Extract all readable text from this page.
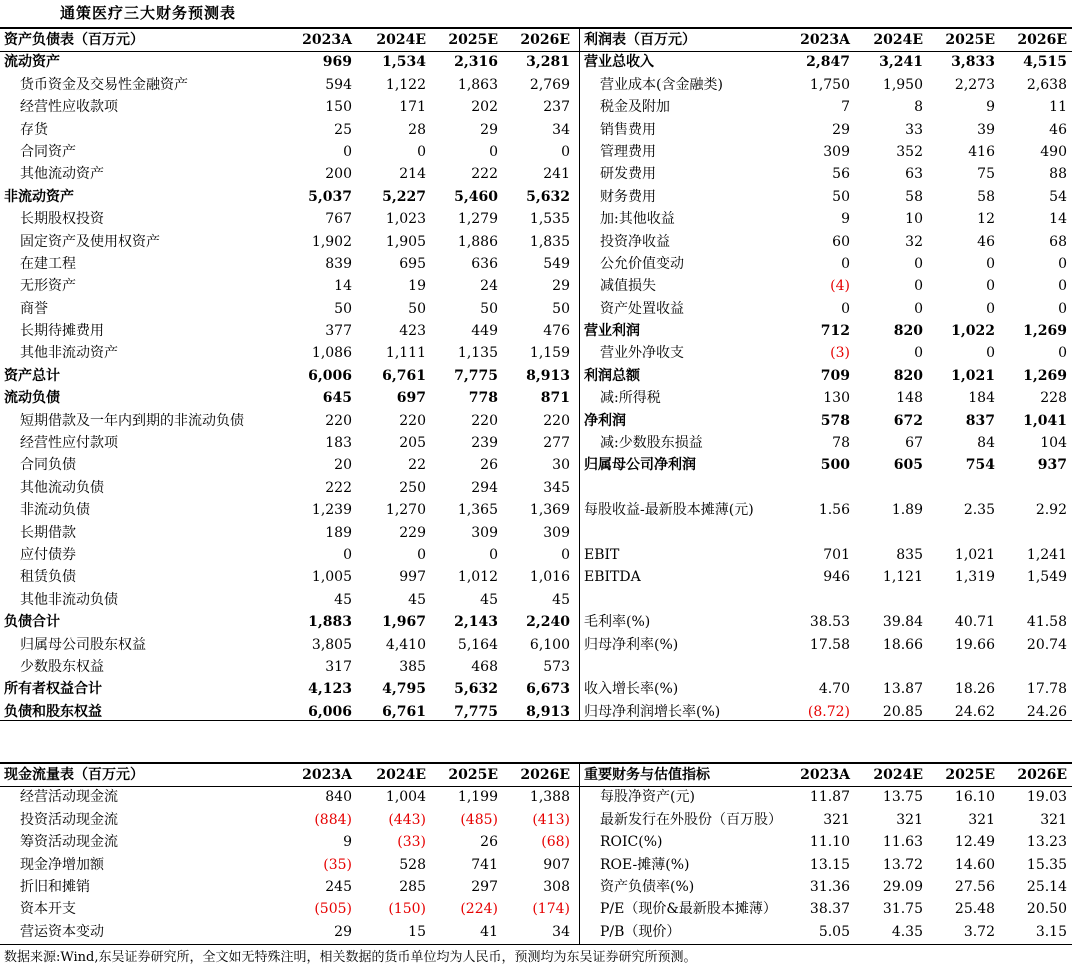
通策医疗三大财务预测表
资产负债表（百万元）	2023A 2024E 2025E 2026E
流动资产	969 1,534 2,316 3,281
货币资金及交易性金融资产	594 1,122 1,863 2,769
经营性应收款项	150	171	202	237
存货	25	28	29	34
合同资产	0	0	0	0
其他流动资产	200	214	222	241
非流动资产	5,037 5,227 5,460 5,632
长期股权投资	767 1,023 1,279 1,535
固定资产及使用权资产	1,902 1,905 1,886 1,835
在建工程	839	695	636	549
无形资产	14	19	24	29
商誉	50	50	50	50
长期待摊费用	377	423	449	476
其他非流动资产	1,086 1,111 1,135 1,159
资产总计	6,006 6,761 7,775 8,913
流动负债	645	697	778	871
短期借款及一年内到期的非流动负债	220	220	220	220
经营性应付款项	183	205	239	277
合同负债	20	22	26	30
其他流动负债	222	250	294	345
非流动负债	1,239 1,270 1,365 1,369
长期借款	189	229	309	309
应付债券	0	0	0	0
租赁负债	1,005	997 1,012 1,016
其他非流动负债	45	45	45	45
负债合计	1,883 1,967 2,143 2,240
归属母公司股东权益	3,805 4,410 5,164 6,100
少数股东权益	317	385	468	573
所有者权益合计	4,123 4,795 5,632 6,673
负债和股东权益	6,006 6,761 7,775 8,913
利润表（百万元）	2023A 2024E 2025E 2026E
营业总收入	2,847 3,241 3,833 4,515
营业成本(含金融类)	1,750 1,950 2,273 2,638
税金及附加	7	8	9	11
销售费用	29	33	39	46
管理费用	309	352	416	490
研发费用	56	63	75	88
财务费用	50	58	58	54
加:其他收益	9	10	12	14
投资净收益	60	32	46	68
公允价值变动	0	0	0	0
减值损失	(4)	0	0	0
资产处置收益	0	0	0	0
营业利润	712	820 1,022 1,269
营业外净收支	(3)	0	0	0
利润总额	709	820 1,021 1,269
减:所得税	130	148	184	228
净利润	578	672	837 1,041
减:少数股东损益	78	67	84	104
归属母公司净利润	500	605	754	937
每股收益-最新股本摊薄(元)	1.56	1.89	2.35	2.92
EBIT	701	835 1,021 1,241
EBITDA	946 1,121 1,319 1,549
毛利率(%)	38.53 39.84 40.71 41.58
归母净利率(%)	17.58 18.66 19.66 20.74
收入增长率(%)	4.70 13.87 18.26 17.78
归母净利润增长率(%)	(8.72) 20.85 24.62 24.26
现金流量表（百万元）	2023A 2024E 2025E 2026E
经营活动现金流	840 1,004 1,199 1,388
投资活动现金流	(884)	(443) (485) (413)
筹资活动现金流	9	(33)	26	(68)
现金净增加额	(35)	528	741	907
折旧和摊销	245	285	297	308
资本开支	(505)	(150) (224) (174)
营运资本变动	29	15	41	34
重要财务与估值指标	2023A 2024E 2025E 2026E
每股净资产(元)	11.87 13.75 16.10 19.03
最新发行在外股份（百万股）	321	321	321	321
ROIC(%)	11.10 11.63 12.49 13.23
ROE-摊薄(%)	13.15 13.72 14.60 15.35
资产负债率(%)	31.36 29.09 27.56 25.14
P/E（现价&最新股本摊薄） 38.37 31.75 25.48 20.50
P/B（现价）	5.05	4.35	3.72	3.15
数据来源:Wind,东吴证券研究所，全文如无特殊注明，相关数据的货币单位均为人民币，预测均为东吴证券研究所预测。
